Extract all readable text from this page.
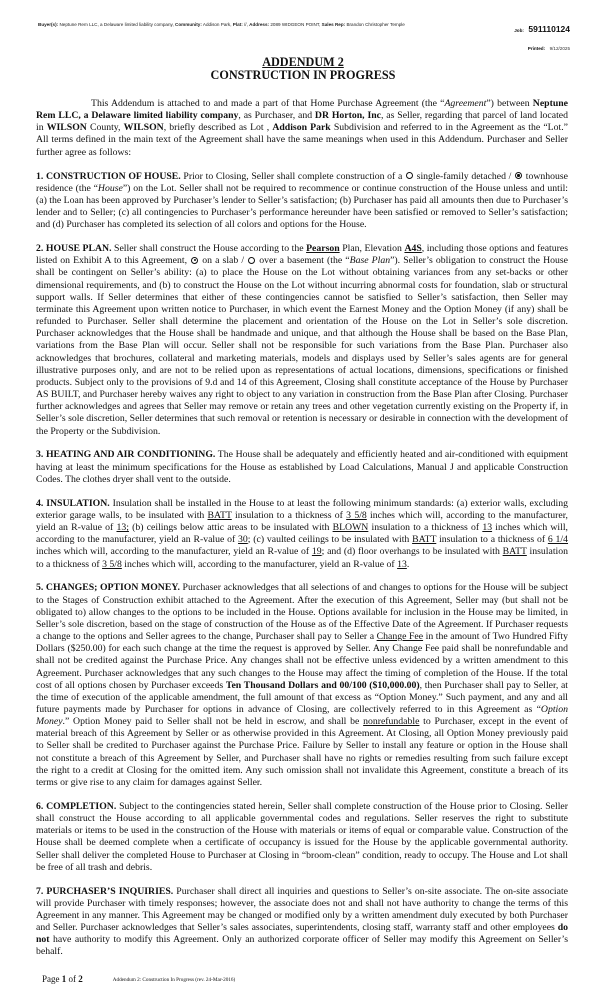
Buyer(s): Neptune Rem LLC, a Delaware limited liability company, Community: Addison Park, Plat: //, Address: 2089 WIDGEON POINT, Sales Rep: Brandon Christopher Temple
Job: 591110124
Printed: 9/12/2025
ADDENDUM 2
CONSTRUCTION IN PROGRESS

This Addendum is attached to and made a part of that Home Purchase Agreement (the “Agreement”) between Neptune Rem LLC, a Delaware limited liability company, as Purchaser, and DR Horton, Inc, as Seller, regarding that parcel of land located in WILSON County, WILSON, briefly described as Lot , Addison Park Subdivision and referred to in the Agreement as the “Lot.” All terms defined in the main text of the Agreement shall have the same meanings when used in this Addendum. Purchaser and Seller further agree as follows:

1. CONSTRUCTION OF HOUSE. Prior to Closing, Seller shall complete construction of a  single-family detached /  townhouse residence (the “House”) on the Lot. Seller shall not be required to recommence or continue construction of the House unless and until: (a) the Loan has been approved by Purchaser’s lender to Seller’s satisfaction; (b) Purchaser has paid all amounts then due to Purchaser’s lender and to Seller; (c) all contingencies to Purchaser’s performance hereunder have been satisfied or removed to Seller’s satisfaction; and (d) Purchaser has completed its selection of all colors and options for the House.

2. HOUSE PLAN. Seller shall construct the House according to the Pearson Plan, Elevation A4S, including those options and features listed on Exhibit A to this Agreement,  on a slab /  over a basement (the “Base Plan”). Seller’s obligation to construct the House shall be contingent on Seller’s ability: (a) to place the House on the Lot without obtaining variances from any set-backs or other dimensional requirements, and (b) to construct the House on the Lot without incurring abnormal costs for foundation, slab or structural support walls. If Seller determines that either of these contingencies cannot be satisfied to Seller’s satisfaction, then Seller may terminate this Agreement upon written notice to Purchaser, in which event the Earnest Money and the Option Money (if any) shall be refunded to Purchaser. Seller shall determine the placement and orientation of the House on the Lot in Seller’s sole discretion. Purchaser acknowledges that the House shall be handmade and unique, and that although the House shall be based on the Base Plan, variations from the Base Plan will occur. Seller shall not be responsible for such variations from the Base Plan. Purchaser also acknowledges that brochures, collateral and marketing materials, models and displays used by Seller’s sales agents are for general illustrative purposes only, and are not to be relied upon as representations of actual locations, dimensions, specifications or finished products. Subject only to the provisions of 9.d and 14 of this Agreement, Closing shall constitute acceptance of the House by Purchaser AS BUILT, and Purchaser hereby waives any right to object to any variation in construction from the Base Plan after Closing. Purchaser further acknowledges and agrees that Seller may remove or retain any trees and other vegetation currently existing on the Property if, in Seller’s sole discretion, Seller determines that such removal or retention is necessary or desirable in connection with the development of the Property or the Subdivision.

3. HEATING AND AIR CONDITIONING. The House shall be adequately and efficiently heated and air-conditioned with equipment having at least the minimum specifications for the House as established by Load Calculations, Manual J and applicable Construction Codes. The clothes dryer shall vent to the outside.

4. INSULATION. Insulation shall be installed in the House to at least the following minimum standards: (a) exterior walls, excluding exterior garage walls, to be insulated with BATT insulation to a thickness of 3 5/8 inches which will, according to the manufacturer, yield an R-value of 13; (b) ceilings below attic areas to be insulated with BLOWN insulation to a thickness of 13 inches which will, according to the manufacturer, yield an R-value of 30; (c) vaulted ceilings to be insulated with BATT insulation to a thickness of 6 1/4 inches which will, according to the manufacturer, yield an R-value of 19; and (d) floor overhangs to be insulated with BATT insulation to a thickness of 3 5/8 inches which will, according to the manufacturer, yield an R-value of 13.

5. CHANGES; OPTION MONEY. Purchaser acknowledges that all selections of and changes to options for the House will be subject to the Stages of Construction exhibit attached to the Agreement. After the execution of this Agreement, Seller may (but shall not be obligated to) allow changes to the options to be included in the House. Options available for inclusion in the House may be limited, in Seller’s sole discretion, based on the stage of construction of the House as of the Effective Date of the Agreement. If Purchaser requests a change to the options and Seller agrees to the change, Purchaser shall pay to Seller a Change Fee in the amount of Two Hundred Fifty Dollars ($250.00) for each such change at the time the request is approved by Seller. Any Change Fee paid shall be nonrefundable and shall not be credited against the Purchase Price. Any changes shall not be effective unless evidenced by a written amendment to this Agreement. Purchaser acknowledges that any such changes to the House may affect the timing of completion of the House. If the total cost of all options chosen by Purchaser exceeds Ten Thousand Dollars and 00/100 ($10,000.00), then Purchaser shall pay to Seller, at the time of execution of the applicable amendment, the full amount of that excess as “Option Money.” Such payment, and any and all future payments made by Purchaser for options in advance of Closing, are collectively referred to in this Agreement as “Option Money.” Option Money paid to Seller shall not be held in escrow, and shall be nonrefundable to Purchaser, except in the event of material breach of this Agreement by Seller or as otherwise provided in this Agreement. At Closing, all Option Money previously paid to Seller shall be credited to Purchaser against the Purchase Price. Failure by Seller to install any feature or option in the House shall not constitute a breach of this Agreement by Seller, and Purchaser shall have no rights or remedies resulting from such failure except the right to a credit at Closing for the omitted item. Any such omission shall not invalidate this Agreement, constitute a breach of its terms or give rise to any claim for damages against Seller.

6. COMPLETION. Subject to the contingencies stated herein, Seller shall complete construction of the House prior to Closing. Seller shall construct the House according to all applicable governmental codes and regulations. Seller reserves the right to substitute materials or items to be used in the construction of the House with materials or items of equal or comparable value. Construction of the House shall be deemed complete when a certificate of occupancy is issued for the House by the applicable governmental authority. Seller shall deliver the completed House to Purchaser at Closing in “broom-clean” condition, ready to occupy. The House and Lot shall be free of all trash and debris.

7. PURCHASER’S INQUIRIES. Purchaser shall direct all inquiries and questions to Seller’s on-site associate. The on-site associate will provide Purchaser with timely responses; however, the associate does not and shall not have authority to change the terms of this Agreement in any manner. This Agreement may be changed or modified only by a written amendment duly executed by both Purchaser and Seller. Purchaser acknowledges that Seller’s sales associates, superintendents, closing staff, warranty staff and other employees do not have authority to modify this Agreement. Only an authorized corporate officer of Seller may modify this Agreement on Seller’s behalf.

Page 1 of 2	Addendum 2: Construction In Progress (rev. 24-Mar-2016)
